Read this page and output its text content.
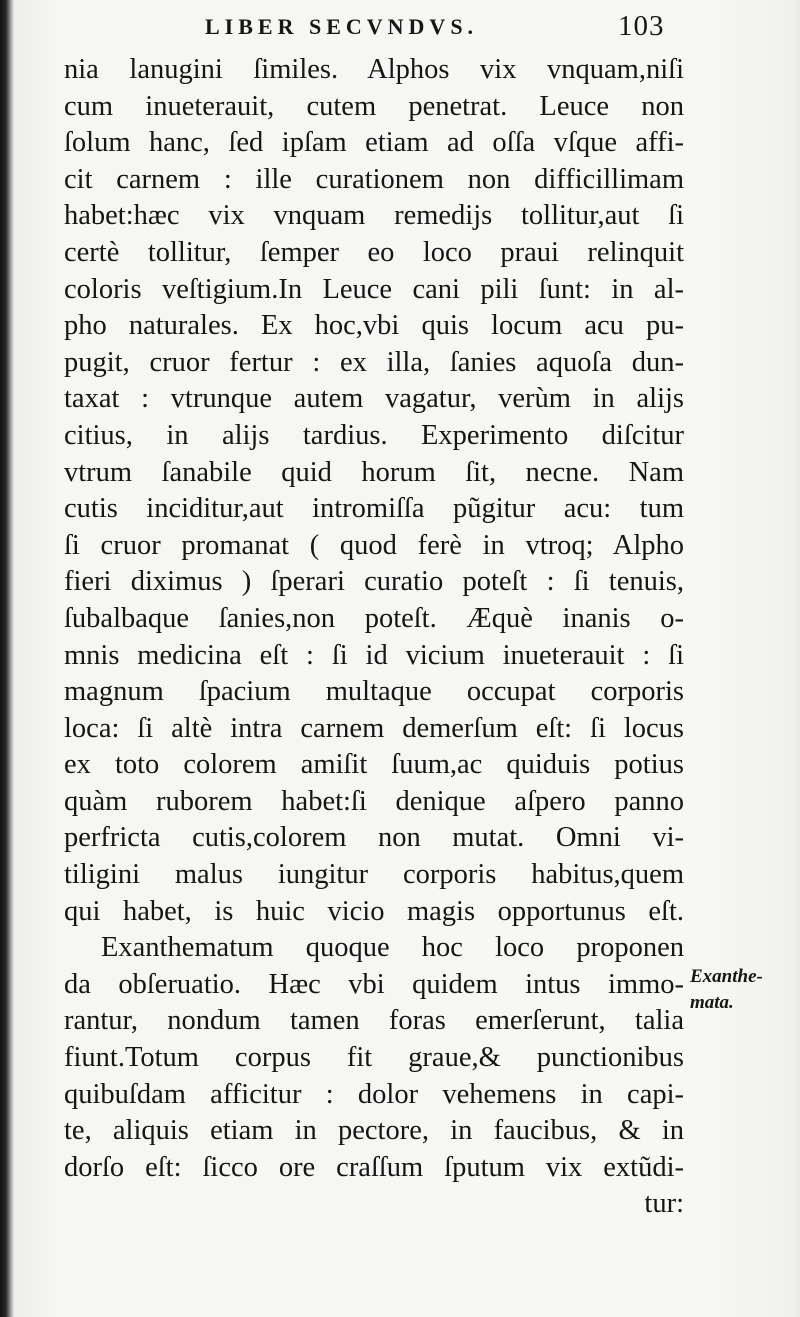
LIBER SECVNDVS.	103
nia lanugini ſimiles. Alphos vix vnquam,niſi
cum inueterauit, cutem penetrat. Leuce non
ſolum hanc, ſed ipſam etiam ad oſſa vſque affi-
cit carnem : ille curationem non difficillimam
habet:hæc vix vnquam remedijs tollitur,aut ſi
certè tollitur, ſemper eo loco praui relinquit
coloris veſtigium.In Leuce cani pili ſunt: in al-
pho naturales. Ex hoc,vbi quis locum acu pu-
pugit, cruor fertur : ex illa, ſanies aquoſa dun-
taxat : vtrunque autem vagatur, verùm in alijs
citius, in alijs tardius. Experimento diſcitur
vtrum ſanabile quid horum ſit, necne. Nam
cutis inciditur,aut intromiſſa pũgitur acu: tum
ſi cruor promanat ( quod ferè in vtroq; Alpho
fieri diximus ) ſperari curatio poteſt : ſi tenuis,
ſubalbaque ſanies,non poteſt. Æquè inanis o-
mnis medicina eſt : ſi id vicium inueterauit : ſi
magnum ſpacium multaque occupat corporis
loca: ſi altè intra carnem demerſum eſt: ſi locus
ex toto colorem amiſit ſuum,ac quiduis potius
quàm ruborem habet:ſi denique aſpero panno
perfricta cutis,colorem non mutat. Omni vi-
tiligini malus iungitur corporis habitus,quem
qui habet, is huic vicio magis opportunus eſt.
Exanthematum quoque hoc loco proponen
da obſeruatio. Hæc vbi quidem intus immo-
rantur, nondum tamen foras emerſerunt, talia
fiunt.Totum corpus fit graue,& punctionibus
quibuſdam afficitur : dolor vehemens in capi-
te, aliquis etiam in pectore, in faucibus, & in
dorſo eſt: ſicco ore craſſum ſputum vix extũdi-
tur:
Exanthe-
mata.
